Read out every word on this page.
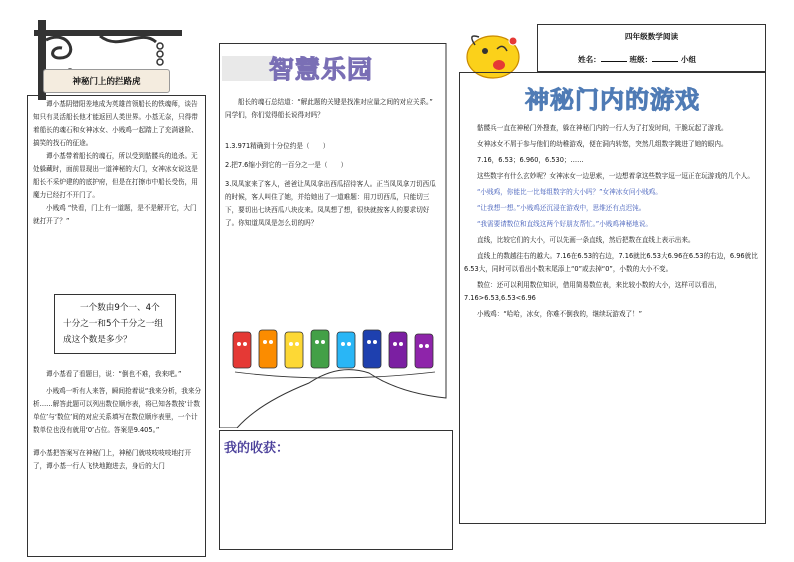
神秘门上的拦路虎

谭小基阴错阳差地成为英雄首领船长的铁魂师，谈告知只有灵活船长他才能返回人类世界。小基无奈，只得带着船长的魂石和女神冰女、小贱鸡一起踏上了充满谜险、搞笑的找石的征途。

谭小基带着船长的魂石，所以受到骷髅兵的追杀。无处躲藏时，面前显现出一道神秘的大门，女神冰女说这是船长不采炉建的的底护府，但是在打擦市中船长受伤，用魔力已经打不开门了。

小贱鸡 “快看，门上有一道题，是不是解开它，大门就打开了？”

一个数由9个一、4个十分之一和5个千分之一组成这个数是多少？

谭小基看了看题目，说：“倒也不难，我来吧。”

小贱鸡一听有人来答，瞬间抢着说“我来分析，我来分析……解答此题可以列出数位顺序表，将已知各数按‘计数单位’与‘数位’间的对应关系填写在数位顺序表里，一个计数单位也没有就用‘0’占位。答案是9.405。”

谭小基把答案写在神秘门上，神秘门就吱吱吱吱地打开了，谭小基一行人飞快地跑进去，身后的大门

智慧乐园

船长的魂石总结道：“解此题的关键是找准对应量之间的对应关系。”

同学们，你们觉得船长说得对吗？

1.3.971精确到十分位约是（　　）

2.把7.6缩小到它的一百分之一是（　　）

3.凤凤家来了客人，爸爸让凤凤拿出西瓜招待客人。正当凤凤拿刀切西瓜的时候，客人叫住了她，并给她出了一道难题：用刀切西瓜，只能切三下，要切出七块西瓜八块皮来。凤凤想了想，很快就按客人的要求切好了。你知道凤凤是怎么切的吗？

我的收获：
四年级数学阅读
姓名：	班级：	小组
神秘门内的游戏

骷髅兵一直在神秘门外搜查，躲在神秘门内的一行人为了打发时间，干脆玩起了游戏。

女神冰女不屑于参与他们的幼稚游戏，便在洞内转悠，突然几组数字跳进了她的眼内。

7.16，6.53；6.960，6.530；……

这些数字有什么玄妙呢？女神冰女一边思索，一边想着拿这些数字逗一逗正在玩游戏的几个人。

“小贱鸡，你能比一比每组数字的大小吗？”女神冰女问小贱鸡。

“让我想一想。”小贱鸡还沉浸在游戏中，思维还有点迟钝。

“我需要请数位和直线这两个好朋友帮忙。”小贱鸡神秘地说。

直线，比较它们的大小，可以先画一条直线，然后把数在直线上表示出来。

直线上的数越往右的越大。7.16在6.53的右边，7.16就比6.53大6.96在6.53的右边，6.96就比6.53大，同时可以看出小数末尾添上“0”或去掉“0”，小数的大小不变。

数位：还可以利用数位知识，借用简易数位表，来比较小数的大小，这样可以看出，7.16>6.53,6.53<6.96

小贱鸡：“哈哈，冰女，你难不倒我的，继续玩游戏了！”
